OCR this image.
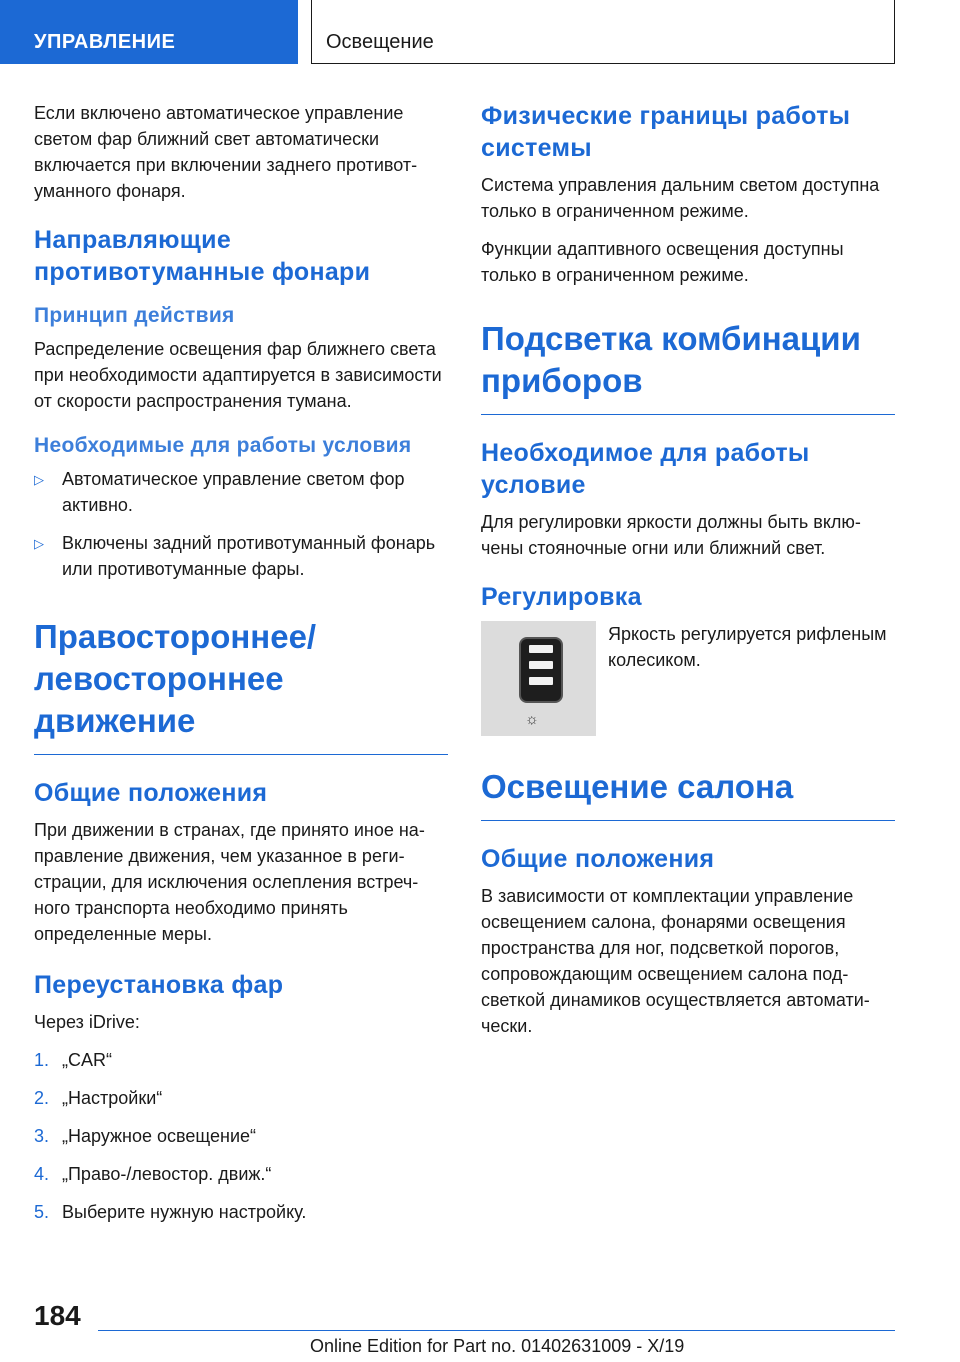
УПРАВЛЕНИЕ	Освещение

Если включено автоматическое управление светом фар ближний свет автоматически включается при включении заднего противотуманного фонаря.

Направляющие противотуманные фонари
Принцип действия

Распределение освещения фар ближнего света при необходимости адаптируется в зависимости от скорости распространения тумана.

Необходимые для работы условия
▷	Автоматическое управление светом фор активно.
▷	Включены задний противотуманный фонарь или противотуманные фары.
Правостороннее/ левостороннее движение
Общие положения

При движении в странах, где принято иное направление движения, чем указанное в регистрации, для исключения ослепления встречного транспорта необходимо принять определенные меры.

Переустановка фар

Через iDrive:

1. „CAR“
2. „Настройки“
3. „Наружное освещение“
4. „Право-/левостор. движ.“
5. Выберите нужную настройку.
Физические границы работы системы

Система управления дальним светом доступна только в ограниченном режиме.

Функции адаптивного освещения доступны только в ограниченном режиме.

Подсветка комбинации приборов
Необходимое для работы условие

Для регулировки яркости должны быть включены стояночные огни или ближний свет.

Регулировка
☼
Яркость регулируется рифленым колесиком.
Освещение салона
Общие положения

В зависимости от комплектации управление освещением салона, фонарями освещения пространства для ног, подсветкой порогов, сопровождающим освещением салона подсветкой динамиков осуществляется автоматически.

184
Online Edition for Part no. 01402631009 - X/19
